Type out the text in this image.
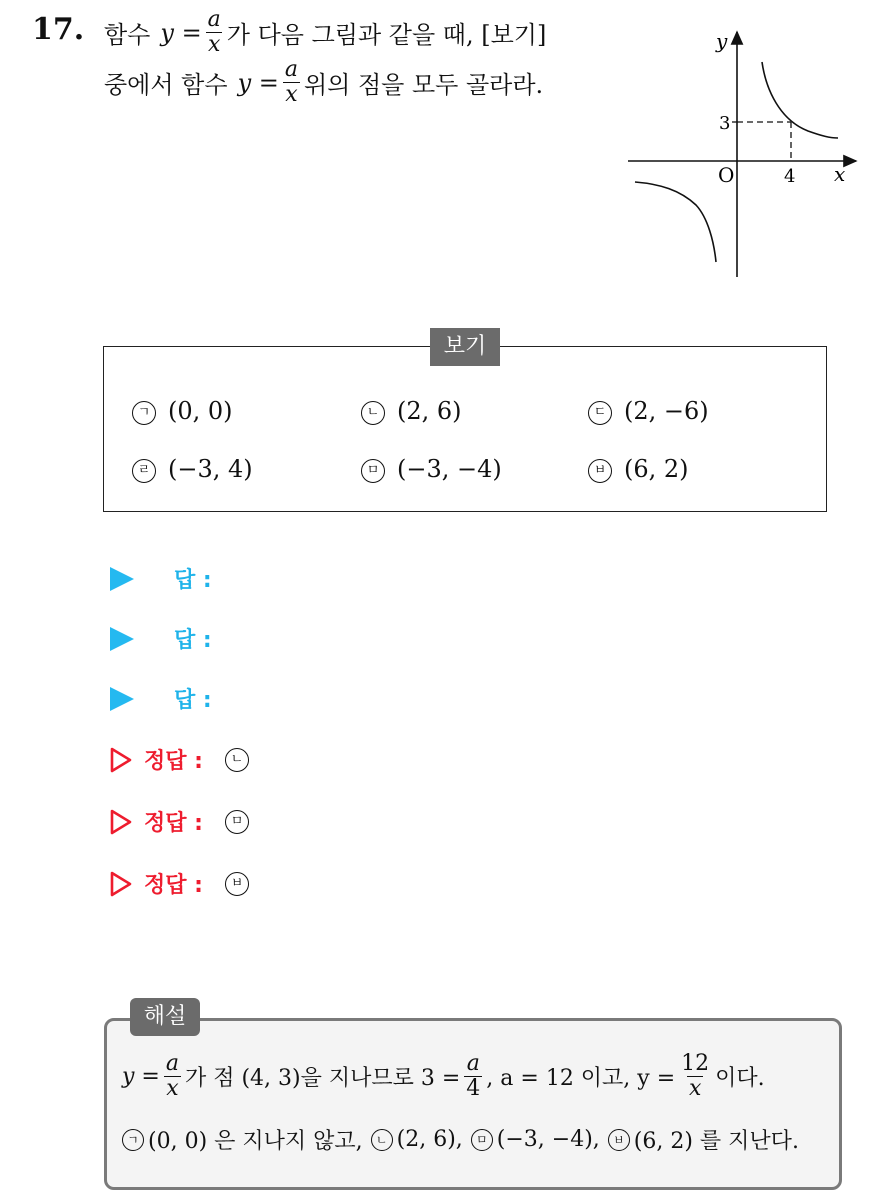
17. 함수 $y = \frac{a}{x}$ 가 다음 그림과 같을 때, [보기]
중에서 함수 $y = \frac{a}{x}$ 위의 점을 모두 골라라.
y
x
O	4
3
보기
ㄱ (0, 0)	ㄴ (2, 6)	ㄷ (2, −6)
ㄹ (−3, 4)	ㅁ (−3, −4)	ㅂ (6, 2)
답 :
답 :
답 :
정답 :	ㄴ
정답 :	ㅁ
정답 :	ㅂ
해설
$y = \frac{a}{x}$ 가 점 (4, 3)을 지나므로 $3 = \frac{a}{4}$ , a = 12 이고, $y = \frac{12}{x}$ 이다.
ㄱ (0, 0) 은 지나지 않고,	ㄴ (2, 6),	ㅁ (−3, −4),	ㅂ (6, 2) 를 지난다.
